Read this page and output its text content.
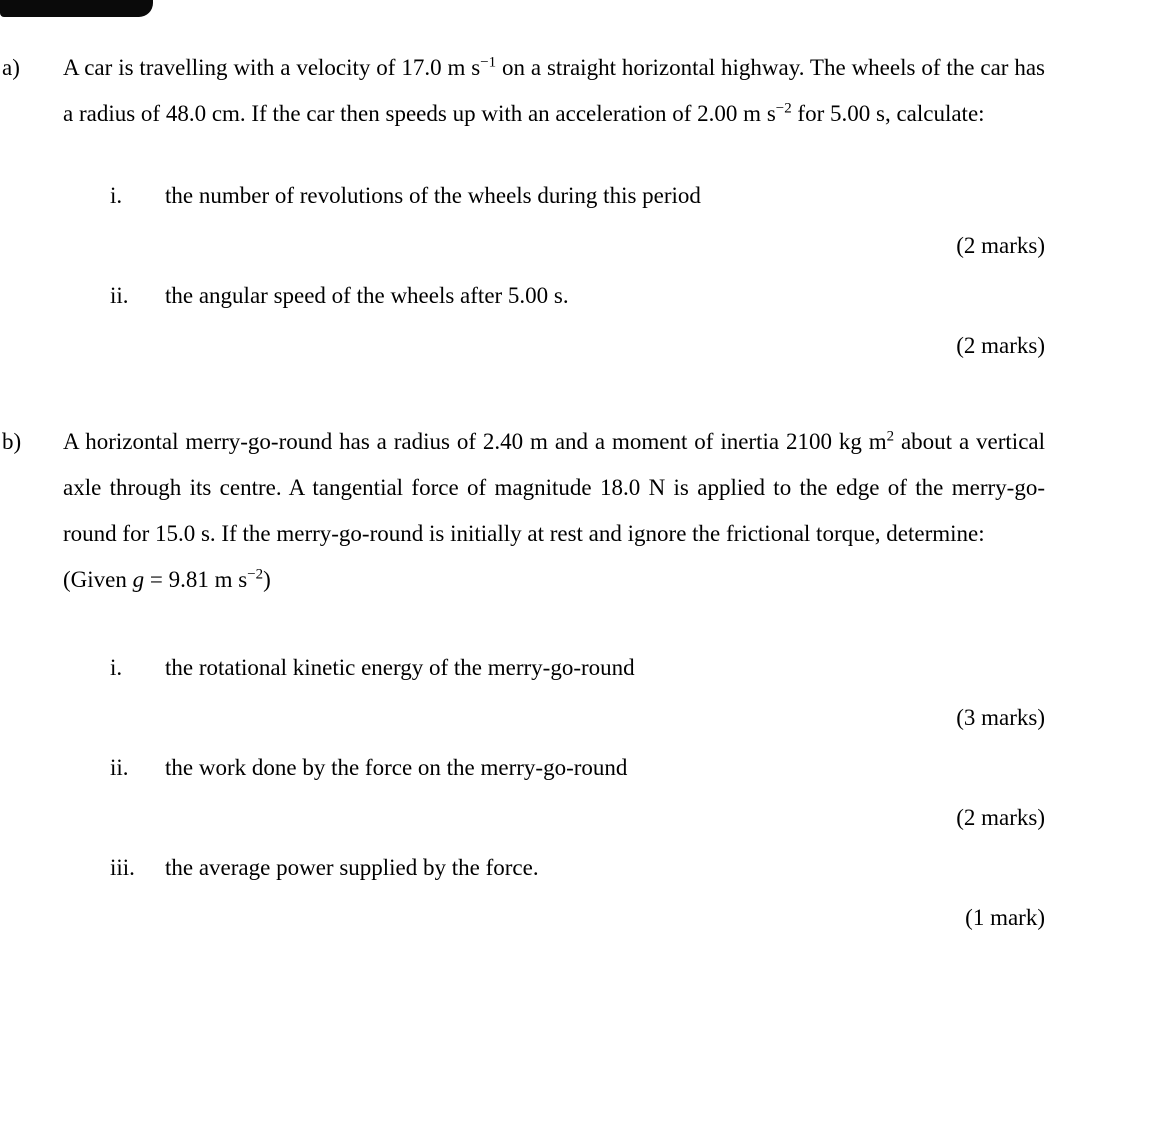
a)	A car is travelling with a velocity of 17.0 m $s^{-1}$ on a straight horizontal highway. The wheels of the car has a radius of 48.0 cm. If the car then speeds up with an acceleration of 2.00 m $s^{-2}$ for 5.00 s, calculate:
i.	the number of revolutions of the wheels during this period
(2 marks)
ii.	the angular speed of the wheels after 5.00 s.
(2 marks)
b)	A horizontal merry-go-round has a radius of 2.40 m and a moment of inertia 2100 kg $m^2$ about a vertical axle through its centre. A tangential force of magnitude 18.0 N is applied to the edge of the merry-go- round for 15.0 s. If the merry-go-round is initially at rest and ignore the frictional torque, determine:
(Given g = 9.81 m $s^{-2}$)
i.	the rotational kinetic energy of the merry-go-round
(3 marks)
ii.	the work done by the force on the merry-go-round
(2 marks)
iii.	the average power supplied by the force.
(1 mark)
